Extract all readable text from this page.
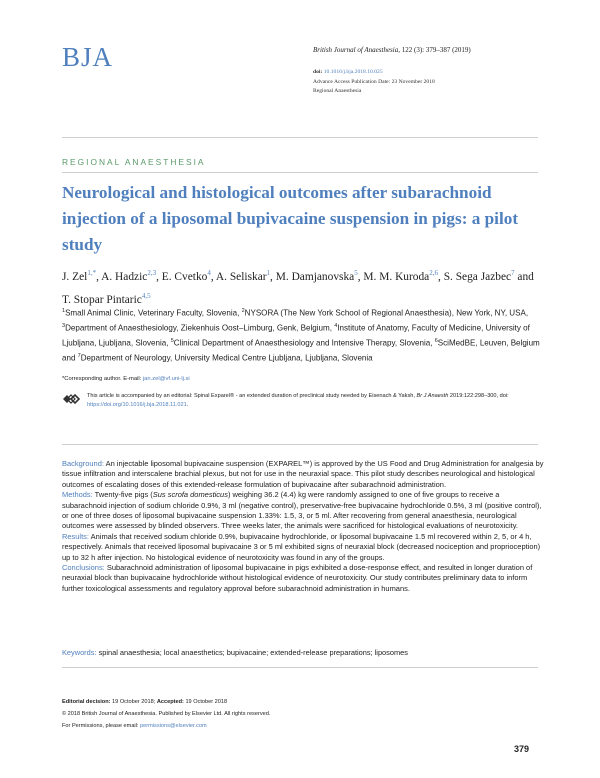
BJA	British Journal of Anaesthesia, 122 (3): 379–387 (2019)
doi: 10.1016/j.bja.2018.10.025
Advance Access Publication Date: 23 November 2018
Regional Anaesthesia
REGIONAL ANAESTHESIA
Neurological and histological outcomes after subarachnoid injection of a liposomal bupivacaine suspension in pigs: a pilot study
J. Zel$^{1,*}$, A. Hadzic$^{2,3}$, E. Cvetko$^4$, A. Seliskar$^1$, M. Damjanovska$^5$, M. M. Kuroda$^{2,6}$, S. Sega Jazbec$^7$ and T. Stopar Pintaric$^{4,5}$
$^1$Small Animal Clinic, Veterinary Faculty, Slovenia, $^2$NYSORA (The New York School of Regional Anaesthesia), New York, NY, USA, $^3$Department of Anaesthesiology, Ziekenhuis Oost–Limburg, Genk, Belgium, $^4$Institute of Anatomy, Faculty of Medicine, University of Ljubljana, Ljubljana, Slovenia, $^5$Clinical Department of Anaesthesiology and Intensive Therapy, Slovenia, $^6$SciMedBE, Leuven, Belgium and $^7$Department of Neurology, University Medical Centre Ljubljana, Ljubljana, Slovenia
*Corresponding author. E-mail: jan.zel@vf.uni-lj.si
This article is accompanied by an editorial: Spinal Exparel® - an extended duration of preclinical study needed by Eisenach & Yaksh, Br J Anaesth 2019:122:298–300, doi: https://doi.org/10.1016/j.bja.2018.11.021.

Background: An injectable liposomal bupivacaine suspension (EXPAREL™) is approved by the US Food and Drug Administration for analgesia by tissue infiltration and interscalene brachial plexus, but not for use in the neuraxial space. This pilot study describes neurological and histological outcomes of escalating doses of this extended-release formulation of bupivacaine after subarachnoid administration.

Methods: Twenty-five pigs (Sus scrofa domesticus) weighing 36.2 (4.4) kg were randomly assigned to one of five groups to receive a subarachnoid injection of sodium chloride 0.9%, 3 ml (negative control), preservative-free bupivacaine hydrochloride 0.5%, 3 ml (positive control), or one of three doses of liposomal bupivacaine suspension 1.33%: 1.5, 3, or 5 ml. After recovering from general anaesthesia, neurological outcomes were assessed by blinded observers. Three weeks later, the animals were sacrificed for histological evaluations of neurotoxicity.

Results: Animals that received sodium chloride 0.9%, bupivacaine hydrochloride, or liposomal bupivacaine 1.5 ml recovered within 2, 5, or 4 h, respectively. Animals that received liposomal bupivacaine 3 or 5 ml exhibited signs of neuraxial block (decreased nociception and proprioception) up to 32 h after injection. No histological evidence of neurotoxicity was found in any of the groups.

Conclusions: Subarachnoid administration of liposomal bupivacaine in pigs exhibited a dose-response effect, and resulted in longer duration of neuraxial block than bupivacaine hydrochloride without histological evidence of neurotoxicity. Our study contributes preliminary data to inform further toxicological assessments and regulatory approval before subarachnoid administration in humans.

Keywords: spinal anaesthesia; local anaesthetics; bupivacaine; extended-release preparations; liposomes
Editorial decision: 19 October 2018; Accepted: 19 October 2018
© 2018 British Journal of Anaesthesia. Published by Elsevier Ltd. All rights reserved.
For Permissions, please email: permissions@elsevier.com
379
